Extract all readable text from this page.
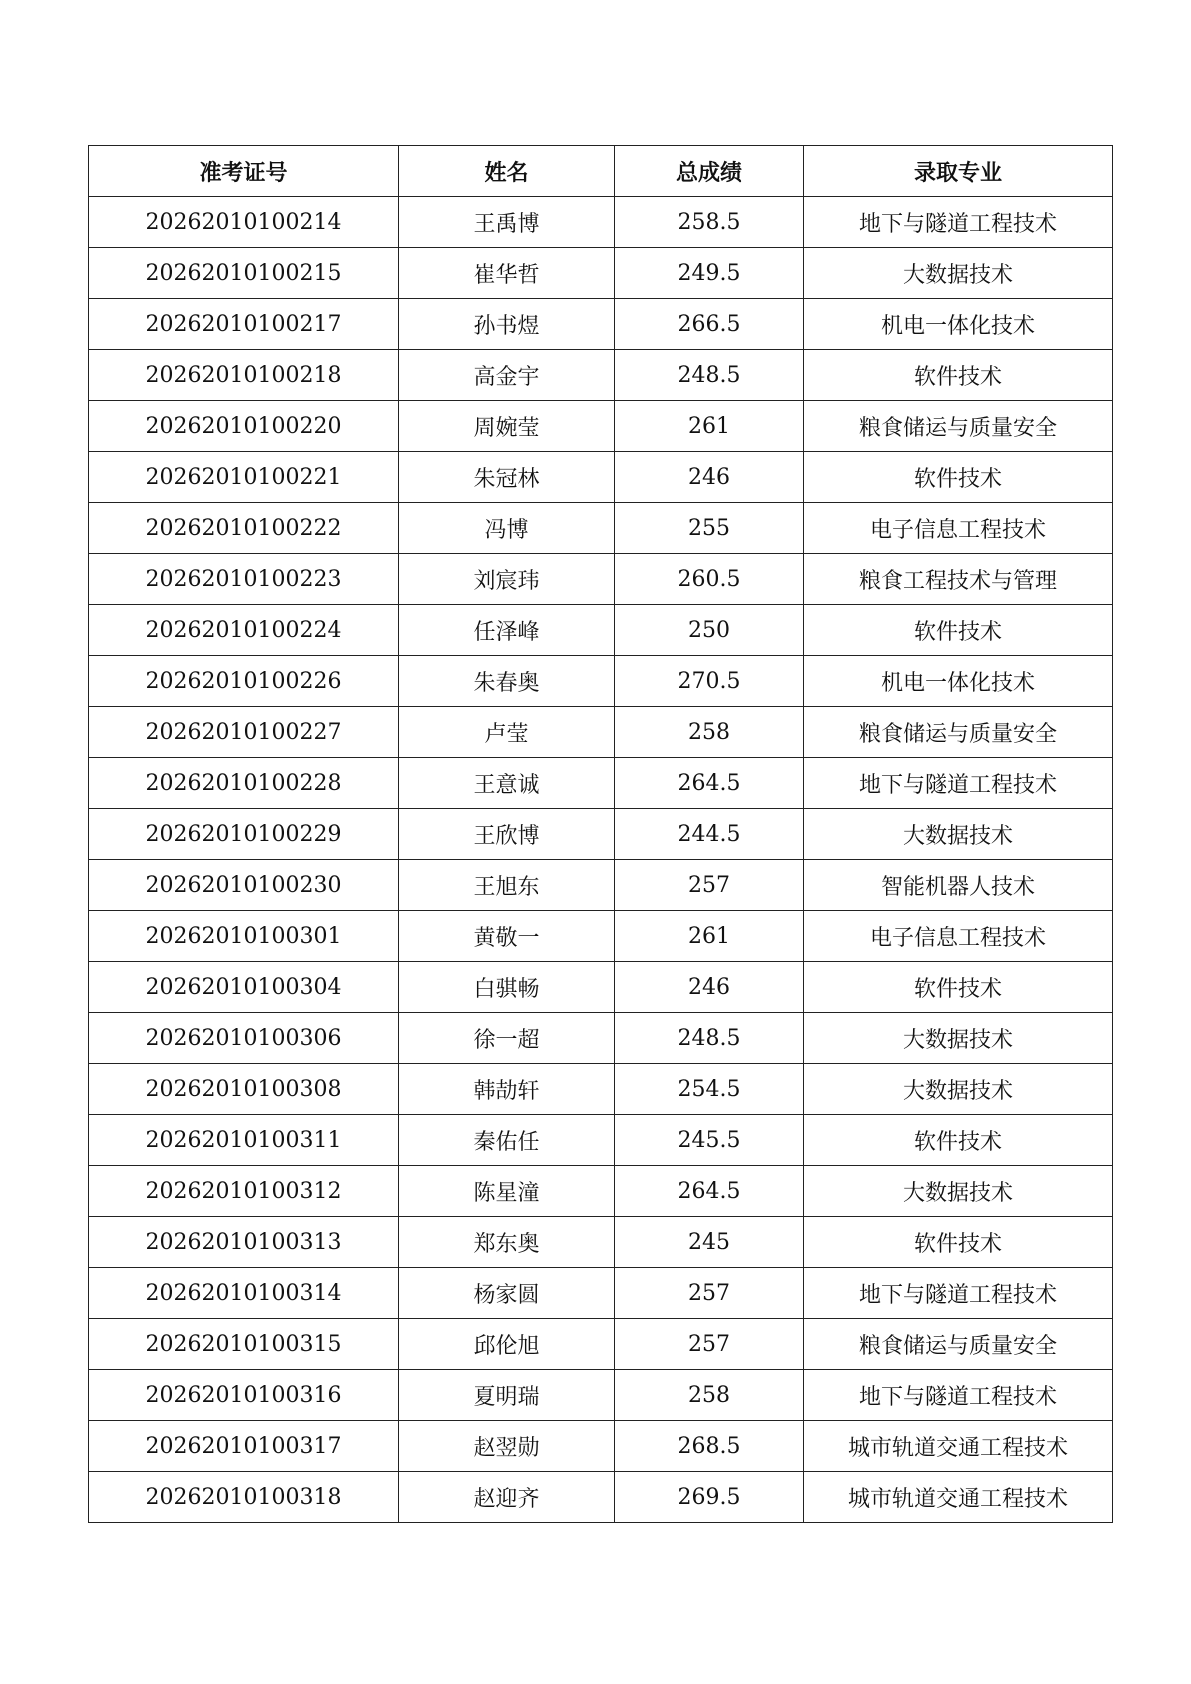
准考证号	姓名	总成绩	录取专业
20262010100214	王禹博	258.5	地下与隧道工程技术
20262010100215	崔华哲	249.5	大数据技术
20262010100217	孙书煜	266.5	机电一体化技术
20262010100218	高金宇	248.5	软件技术
20262010100220	周婉莹	261	粮食储运与质量安全
20262010100221	朱冠林	246	软件技术
20262010100222	冯博	255	电子信息工程技术
20262010100223	刘宸玮	260.5	粮食工程技术与管理
20262010100224	任泽峰	250	软件技术
20262010100226	朱春奥	270.5	机电一体化技术
20262010100227	卢莹	258	粮食储运与质量安全
20262010100228	王意诚	264.5	地下与隧道工程技术
20262010100229	王欣博	244.5	大数据技术
20262010100230	王旭东	257	智能机器人技术
20262010100301	黄敬一	261	电子信息工程技术
20262010100304	白骐畅	246	软件技术
20262010100306	徐一超	248.5	大数据技术
20262010100308	韩劼轩	254.5	大数据技术
20262010100311	秦佑任	245.5	软件技术
20262010100312	陈星潼	264.5	大数据技术
20262010100313	郑东奥	245	软件技术
20262010100314	杨家圆	257	地下与隧道工程技术
20262010100315	邱伦旭	257	粮食储运与质量安全
20262010100316	夏明瑞	258	地下与隧道工程技术
20262010100317	赵翌勋	268.5	城市轨道交通工程技术
20262010100318	赵迎齐	269.5	城市轨道交通工程技术
